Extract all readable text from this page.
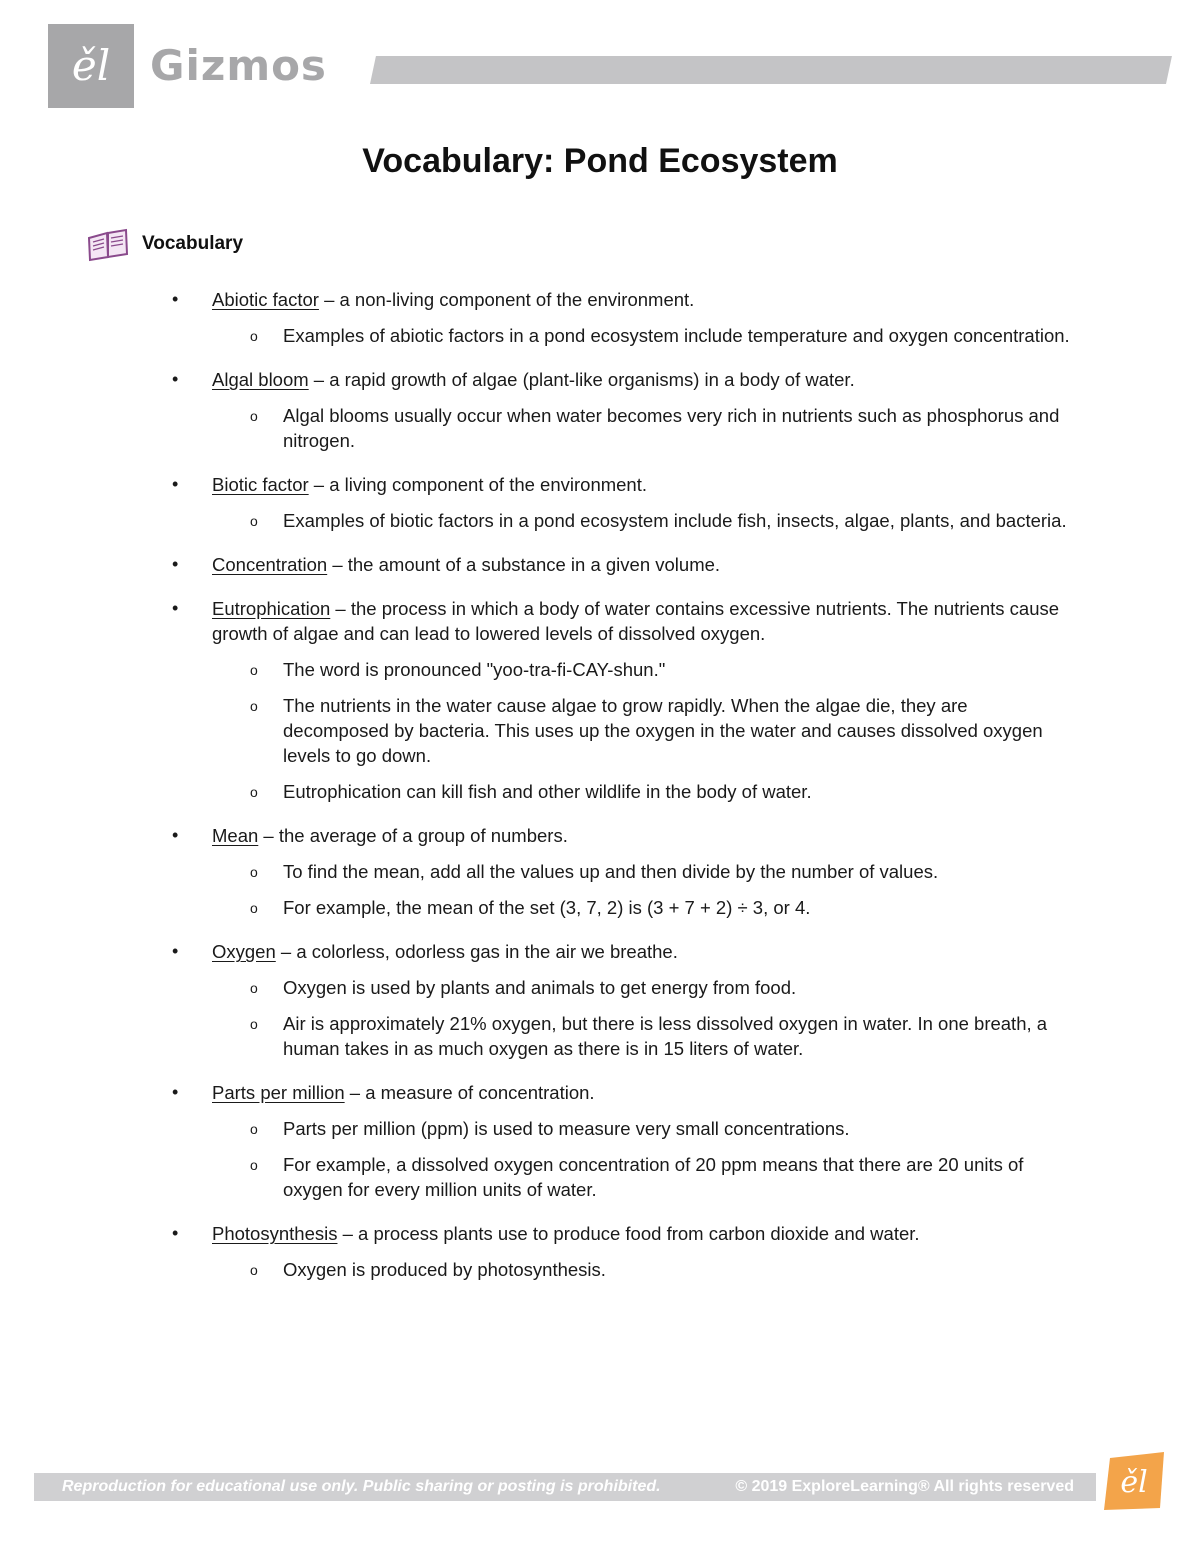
ěl Gizmos
Vocabulary: Pond Ecosystem
Vocabulary
•	Abiotic factor – a non-living component of the environment.
o Examples of abiotic factors in a pond ecosystem include temperature and oxygen concentration.
•	Algal bloom – a rapid growth of algae (plant-like organisms) in a body of water.
o Algal blooms usually occur when water becomes very rich in nutrients such as phosphorus and nitrogen.
•	Biotic factor – a living component of the environment.
o Examples of biotic factors in a pond ecosystem include fish, insects, algae, plants, and bacteria.
•	Concentration – the amount of a substance in a given volume.
•	Eutrophication – the process in which a body of water contains excessive nutrients. The nutrients cause growth of algae and can lead to lowered levels of dissolved oxygen.
o The word is pronounced "yoo-tra-fi-CAY-shun."
o The nutrients in the water cause algae to grow rapidly. When the algae die, they are decomposed by bacteria. This uses up the oxygen in the water and causes dissolved oxygen levels to go down.
o Eutrophication can kill fish and other wildlife in the body of water.
•	Mean – the average of a group of numbers.
o To find the mean, add all the values up and then divide by the number of values.
o For example, the mean of the set (3, 7, 2) is (3 + 7 + 2) ÷ 3, or 4.
•	Oxygen – a colorless, odorless gas in the air we breathe.
o Oxygen is used by plants and animals to get energy from food.
o Air is approximately 21% oxygen, but there is less dissolved oxygen in water. In one breath, a human takes in as much oxygen as there is in 15 liters of water.
•	Parts per million – a measure of concentration.
o Parts per million (ppm) is used to measure very small concentrations.
o For example, a dissolved oxygen concentration of 20 ppm means that there are 20 units of oxygen for every million units of water.
•	Photosynthesis – a process plants use to produce food from carbon dioxide and water.
o Oxygen is produced by photosynthesis.
Reproduction for educational use only. Public sharing or posting is prohibited.	© 2019 ExploreLearning® All rights reserved ěl
